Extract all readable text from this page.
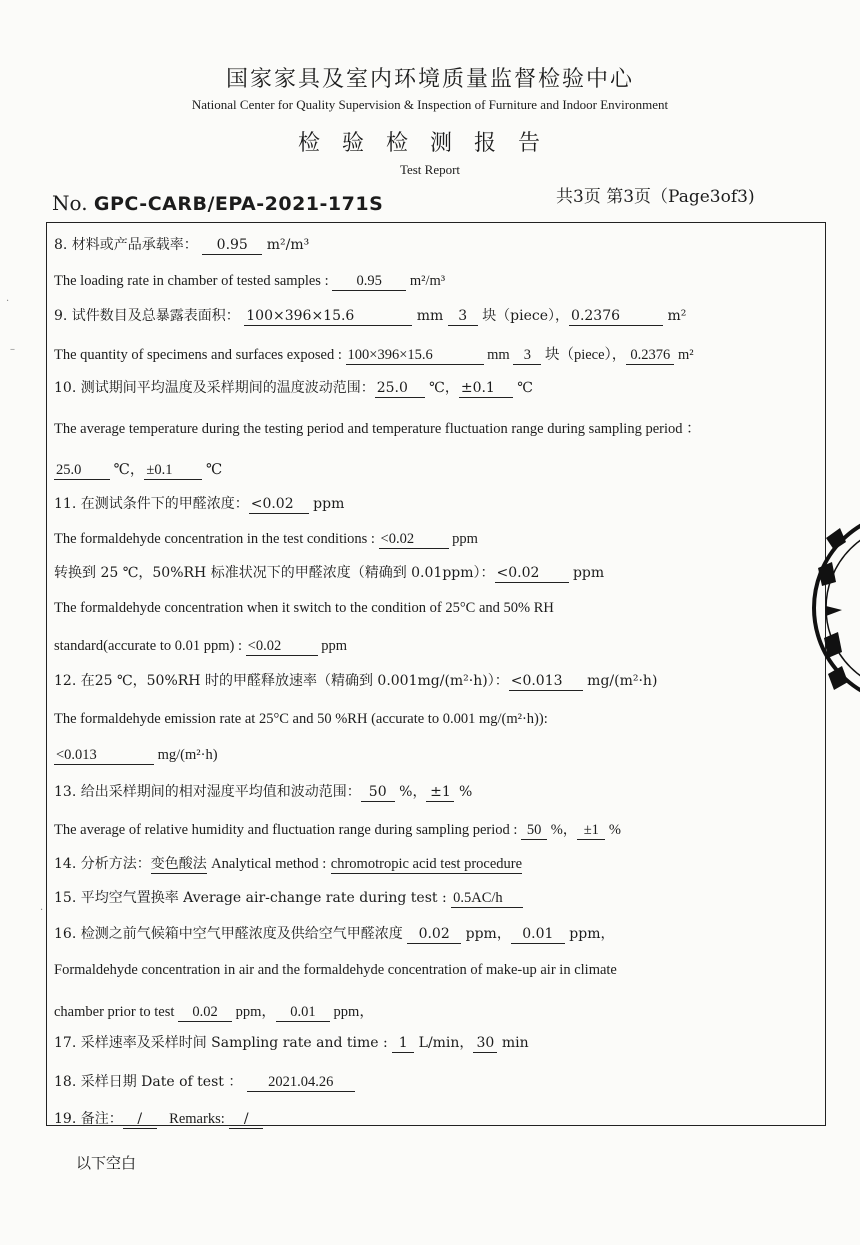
国家家具及室内环境质量监督检验中心
National Center for Quality Supervision & Inspection of Furniture and Indoor Environment
检验检测报告
Test Report
No. GPC-CARB/EPA-2021-171S	共3页 第3页（Page3of3)
8. 材料或产品承载率： 0.95 m²/m³
The loading rate in chamber of tested samples : 0.95 m²/m³
9. 试件数目及总暴露表面积： 100×396×15.6	mm 3 块（piece）， 0.2376	m²
The quantity of specimens and surfaces exposed : 100×396×15.6	mm 3 块（piece）， 0.2376 m²
10. 测试期间平均温度及采样期间的温度波动范围： 25.0 ℃， ±0.1 ℃
The average temperature during the testing period and temperature fluctuation range during sampling period ：
25.0 ℃， ±0.1 ℃
11. 在测试条件下的甲醛浓度： <0.02 ppm
The formaldehyde concentration in the test conditions : <0.02	ppm
转换到 25 ℃，50%RH 标准状况下的甲醛浓度（精确到 0.01ppm）： <0.02 ppm
The formaldehyde concentration when it switch to the condition of 25°C and 50% RH
standard(accurate to 0.01 ppm) : <0.02	ppm
12. 在25 ℃，50%RH 时的甲醛释放速率（精确到 0.001mg/(m²·h)）： <0.013 mg/(m²·h)
The formaldehyde emission rate at 25°C and 50 %RH (accurate to 0.001 mg/(m²·h)):
<0.013	mg/(m²·h)
13. 给出采样期间的相对湿度平均值和波动范围： 50 %， ±1 %
The average of relative humidity and fluctuation range during sampling period : 50 %， ±1 %
14. 分析方法：变色酸法 Analytical method : chromotropic acid test procedure
15. 平均空气置换率 Average air-change rate during test : 0.5AC/h
16. 检测之前气候箱中空气甲醛浓度及供给空气甲醛浓度 0.02 ppm， 0.01 ppm，
Formaldehyde concentration in air and the formaldehyde concentration of make-up air in climate
chamber prior to test 0.02 ppm， 0.01 ppm，
17. 采样速率及采样时间 Sampling rate and time : 1 L/min， 30 min
18. 采样日期 Date of test ： 2021.04.26
19. 备注： / Remarks: /
以下空白
·
–
·
